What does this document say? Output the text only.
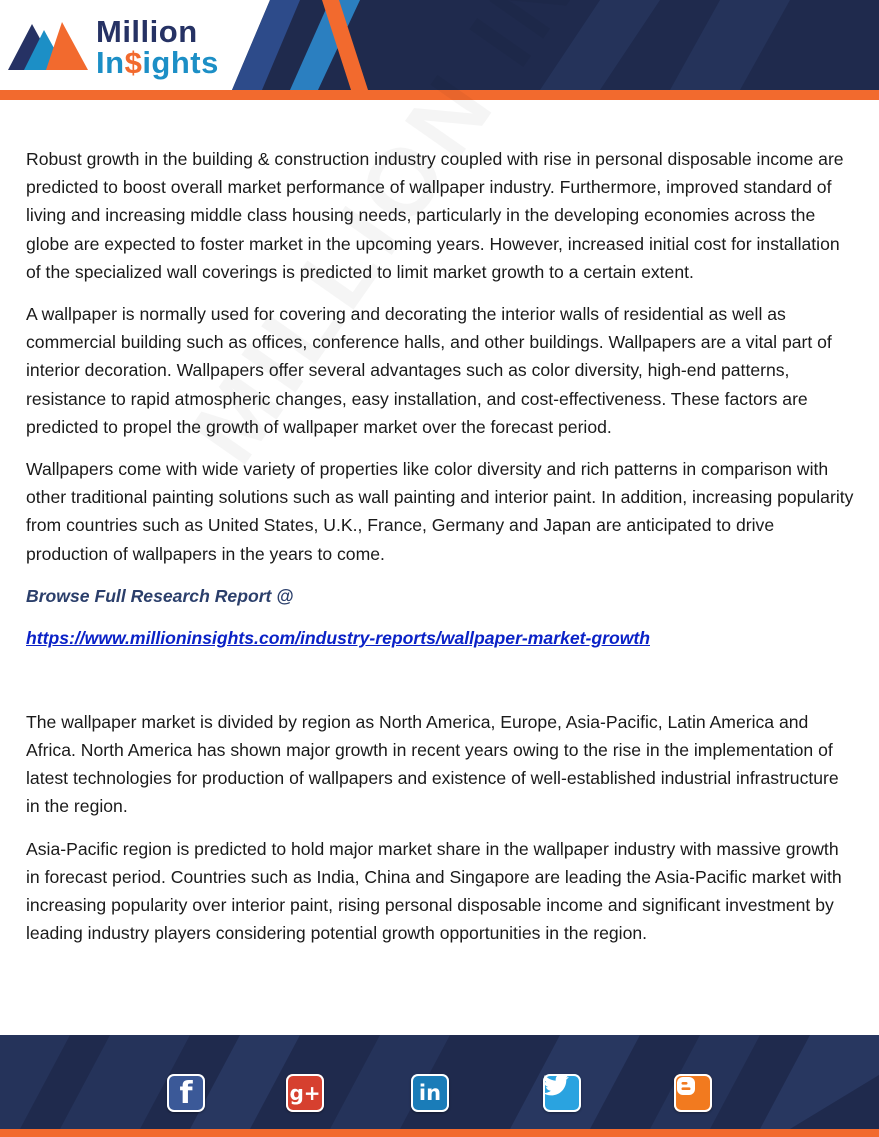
Million
In$ights

Robust growth in the building & construction industry coupled with rise in personal disposable income are predicted to boost overall market performance of wallpaper industry. Furthermore, improved standard of living and increasing middle class housing needs, particularly in the developing economies across the globe are expected to foster market in the upcoming years. However, increased initial cost for installation of the specialized wall coverings is predicted to limit market growth to a certain extent.

A wallpaper is normally used for covering and decorating the interior walls of residential as well as commercial building such as offices, conference halls, and other buildings. Wallpapers are a vital part of interior decoration. Wallpapers offer several advantages such as color diversity, high-end patterns, resistance to rapid atmospheric changes, easy installation, and cost-effectiveness. These factors are predicted to propel the growth of wallpaper market over the forecast period.

Wallpapers come with wide variety of properties like color diversity and rich patterns in comparison with other traditional painting solutions such as wall painting and interior paint. In addition, increasing popularity from countries such as United States, U.K., France, Germany and Japan are anticipated to drive production of wallpapers in the years to come.

Browse Full Research Report @

https://www.millioninsights.com/industry-reports/wallpaper-market-growth

The wallpaper market is divided by region as North America, Europe, Asia-Pacific, Latin America and Africa. North America has shown major growth in recent years owing to the rise in the implementation of latest technologies for production of wallpapers and existence of well-established industrial infrastructure in the region.

Asia-Pacific region is predicted to hold major market share in the wallpaper industry with massive growth in forecast period. Countries such as India, China and Singapore are leading the Asia-Pacific market with increasing popularity over interior paint, rising personal disposable income and significant investment by leading industry players considering potential growth opportunities in the region.

f	g+	in
